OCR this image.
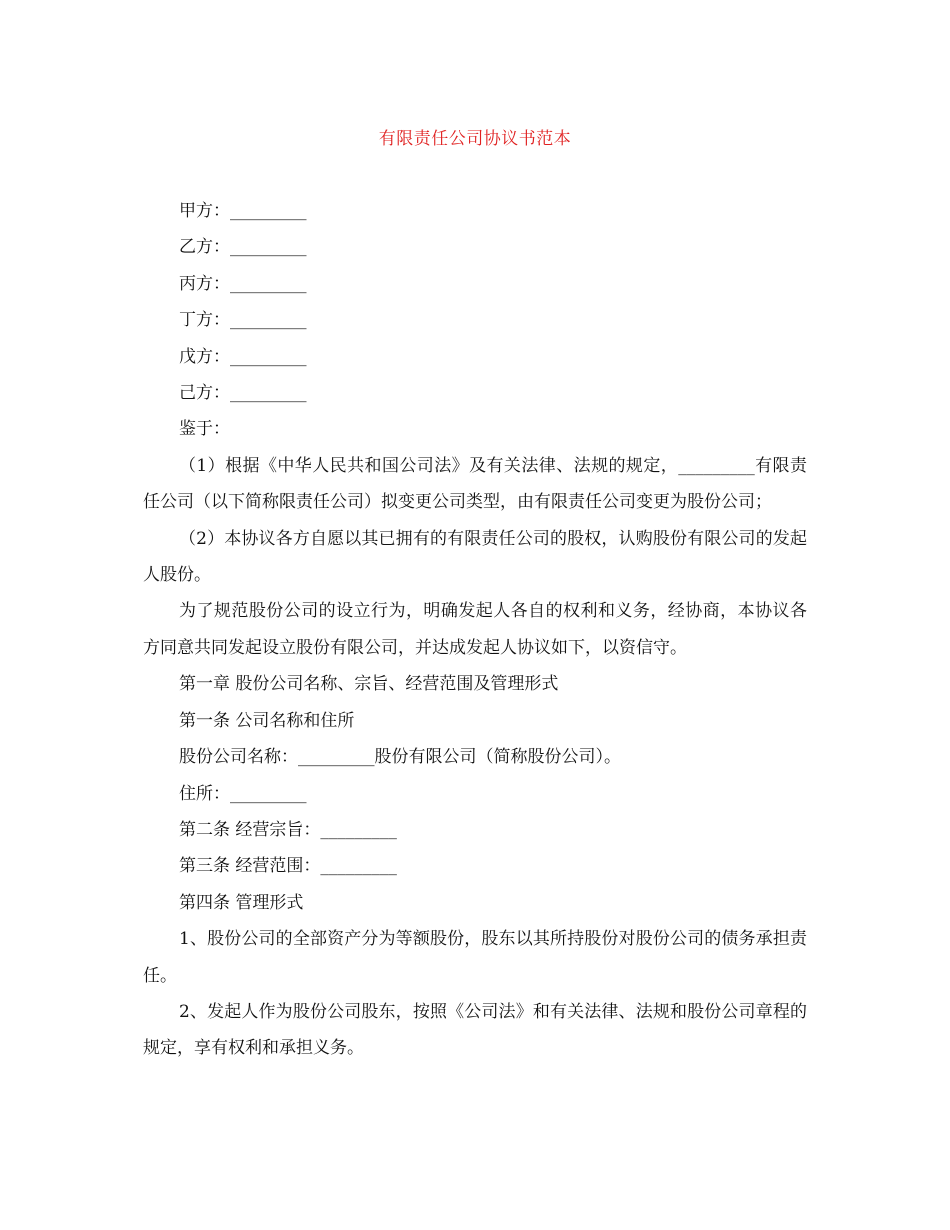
有限责任公司协议书范本

甲方：_________

乙方：_________

丙方：_________

丁方：_________

戊方：_________

己方：_________

鉴于：

（1）根据《中华人民共和国公司法》及有关法律、法规的规定，_________有限责任公司（以下简称限责任公司）拟变更公司类型，由有限责任公司变更为股份公司；

（2）本协议各方自愿以其已拥有的有限责任公司的股权，认购股份有限公司的发起人股份。

为了规范股份公司的设立行为，明确发起人各自的权利和义务，经协商，本协议各方同意共同发起设立股份有限公司，并达成发起人协议如下，以资信守。

第一章 股份公司名称、宗旨、经营范围及管理形式

第一条 公司名称和住所

股份公司名称：_________股份有限公司（简称股份公司）。

住所：_________

第二条 经营宗旨：_________

第三条 经营范围：_________

第四条 管理形式

1、股份公司的全部资产分为等额股份，股东以其所持股份对股份公司的债务承担责任。

2、发起人作为股份公司股东，按照《公司法》和有关法律、法规和股份公司章程的规定，享有权利和承担义务。
